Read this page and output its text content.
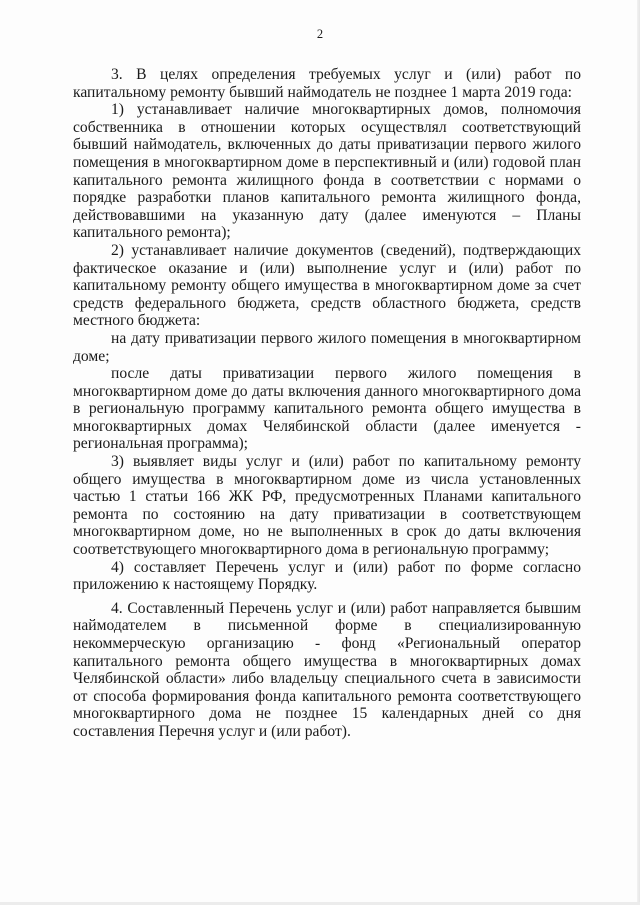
2

3. В целях определения требуемых услуг и (или) работ по капитальному ремонту бывший наймодатель не позднее 1 марта 2019 года:

1) устанавливает наличие многоквартирных домов, полномочия собственника в отношении которых осуществлял соответствующий бывший наймодатель, включенных до даты приватизации первого жилого помещения в многоквартирном доме в перспективный и (или) годовой план капитального ремонта жилищного фонда в соответствии с нормами о порядке разработки планов капитального ремонта жилищного фонда, действовавшими на указанную дату (далее именуются – Планы капитального ремонта);

2) устанавливает наличие документов (сведений), подтверждающих фактическое оказание и (или) выполнение услуг и (или) работ по капитальному ремонту общего имущества в многоквартирном доме за счет средств федерального бюджета, средств областного бюджета, средств местного бюджета:

на дату приватизации первого жилого помещения в многоквартирном доме;

после даты приватизации первого жилого помещения в многоквартирном доме до даты включения данного многоквартирного дома в региональную программу капитального ремонта общего имущества в многоквартирных домах Челябинской области (далее именуется - региональная программа);

3) выявляет виды услуг и (или) работ по капитальному ремонту общего имущества в многоквартирном доме из числа установленных частью 1 статьи 166 ЖК РФ, предусмотренных Планами капитального ремонта по состоянию на дату приватизации в соответствующем многоквартирном доме, но не выполненных в срок до даты включения соответствующего многоквартирного дома в региональную программу;

4) составляет Перечень услуг и (или) работ по форме согласно приложению к настоящему Порядку.

4. Составленный Перечень услуг и (или) работ направляется бывшим наймодателем в письменной форме в специализированную некоммерческую организацию - фонд «Региональный оператор капитального ремонта общего имущества в многоквартирных домах Челябинской области» либо владельцу специального счета в зависимости от способа формирования фонда капитального ремонта соответствующего многоквартирного дома не позднее 15 календарных дней со дня составления Перечня услуг и (или работ).
